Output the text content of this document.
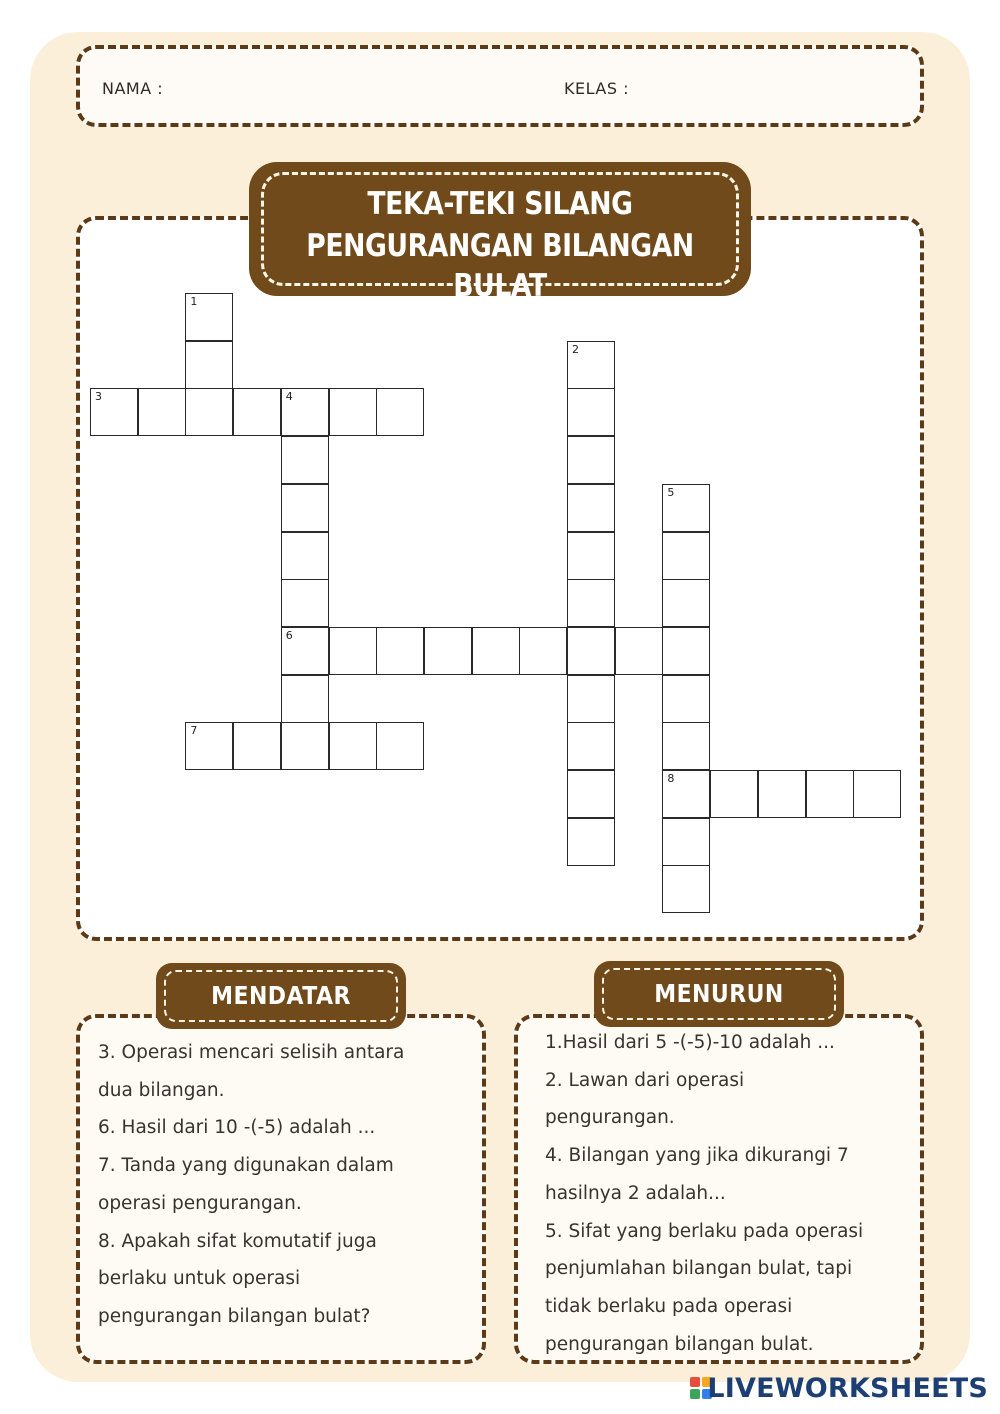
NAMA :	KELAS :
TEKA-TEKI SILANG
PENGURANGAN BILANGAN BULAT
1
3	4
6
2
5
8
7
3. Operasi mencari selisih antara
dua bilangan.
6. Hasil dari 10 -(-5) adalah ...
7. Tanda yang digunakan dalam
operasi pengurangan.
8. Apakah sifat komutatif juga
berlaku untuk operasi
pengurangan bilangan bulat?
MENDATAR
1.Hasil dari 5 -(-5)-10 adalah ...
2. Lawan dari operasi
pengurangan.
4. Bilangan yang jika dikurangi 7
hasilnya 2 adalah...
5. Sifat yang berlaku pada operasi
penjumlahan bilangan bulat, tapi
tidak berlaku pada operasi
pengurangan bilangan bulat.
MENURUN
LIVEWORKSHEETS
